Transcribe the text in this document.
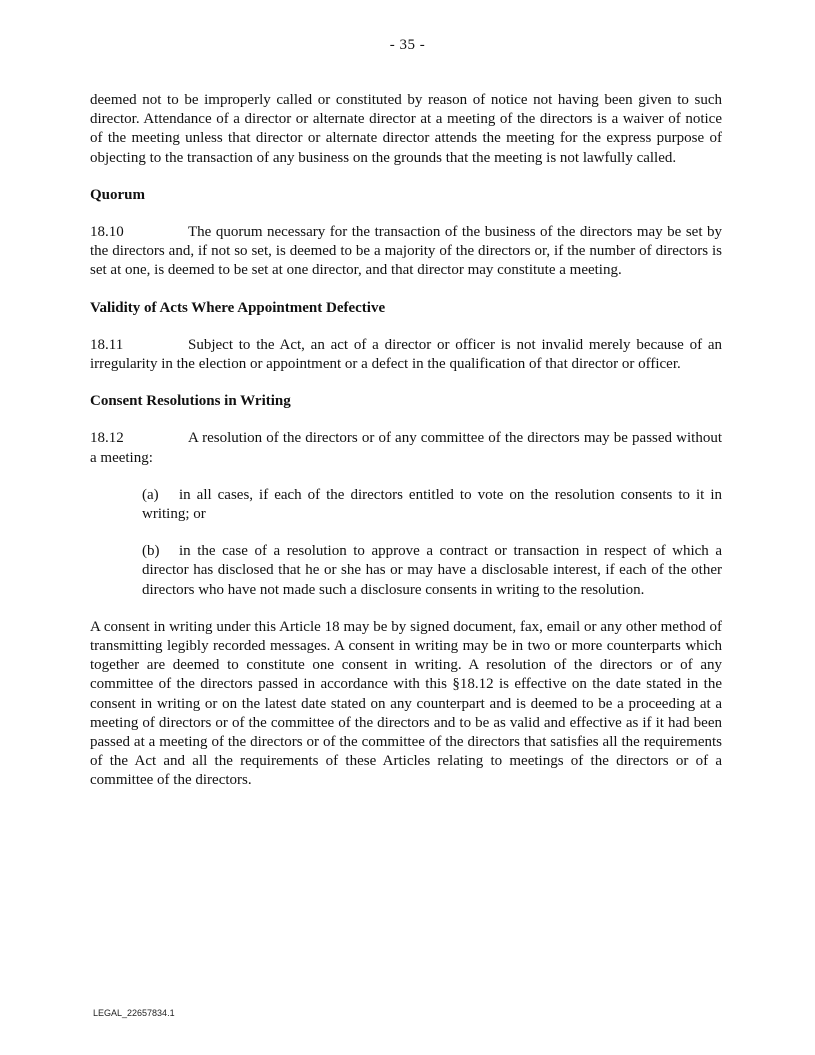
- 35 -

deemed not to be improperly called or constituted by reason of notice not having been given to such director. Attendance of a director or alternate director at a meeting of the directors is a waiver of notice of the meeting unless that director or alternate director attends the meeting for the express purpose of objecting to the transaction of any business on the grounds that the meeting is not lawfully called.

Quorum

18.10	The quorum necessary for the transaction of the business of the directors may be set by the directors and, if not so set, is deemed to be a majority of the directors or, if the number of directors is set at one, is deemed to be set at one director, and that director may constitute a meeting.

Validity of Acts Where Appointment Defective

18.11	Subject to the Act, an act of a director or officer is not invalid merely because of an irregularity in the election or appointment or a defect in the qualification of that director or officer.

Consent Resolutions in Writing

18.12	A resolution of the directors or of any committee of the directors may be passed without a meeting:

(a) in all cases, if each of the directors entitled to vote on the resolution consents to it in writing; or

(b) in the case of a resolution to approve a contract or transaction in respect of which a director has disclosed that he or she has or may have a disclosable interest, if each of the other directors who have not made such a disclosure consents in writing to the resolution.

A consent in writing under this Article 18 may be by signed document, fax, email or any other method of transmitting legibly recorded messages. A consent in writing may be in two or more counterparts which together are deemed to constitute one consent in writing. A resolution of the directors or of any committee of the directors passed in accordance with this §18.12 is effective on the date stated in the consent in writing or on the latest date stated on any counterpart and is deemed to be a proceeding at a meeting of directors or of the committee of the directors and to be as valid and effective as if it had been passed at a meeting of the directors or of the committee of the directors that satisfies all the requirements of the Act and all the requirements of these Articles relating to meetings of the directors or of a committee of the directors.

LEGAL_22657834.1
